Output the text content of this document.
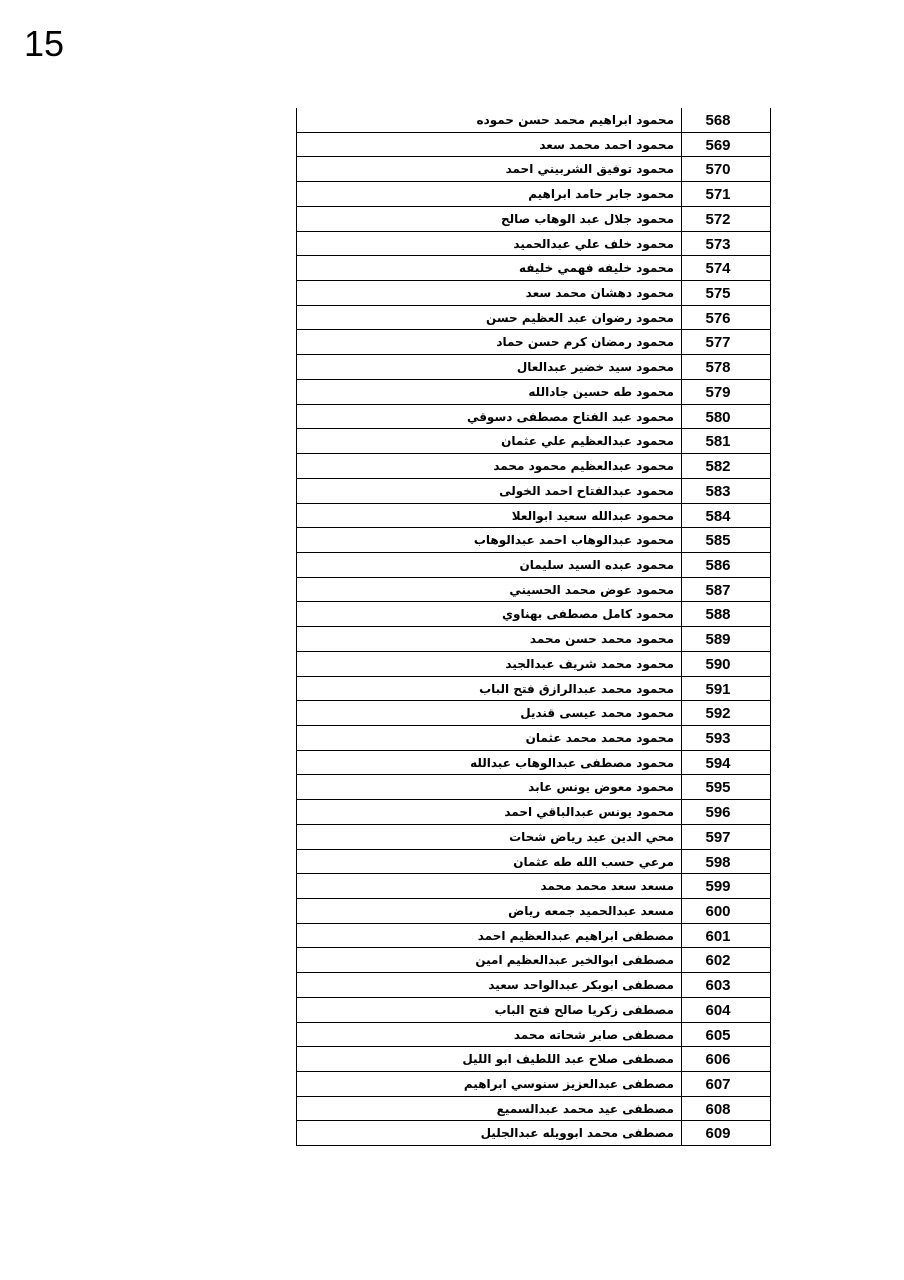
15
محمود ابراهيم محمد حسن حموده	568
محمود احمد محمد سعد	569
محمود توفيق الشربيني احمد	570
محمود جابر حامد ابراهيم	571
محمود جلال عبد الوهاب صالح	572
محمود خلف علي عبدالحميد	573
محمود خليفه فهمي خليفه	574
محمود دهشان محمد سعد	575
محمود رضوان عبد العظيم حسن	576
محمود رمضان كرم حسن حماد	577
محمود سيد خضير عبدالعال	578
محمود طه حسين جادالله	579
محمود عبد الفتاح مصطفى دسوقي	580
محمود عبدالعظيم علي عثمان	581
محمود عبدالعظيم محمود محمد	582
محمود عبدالفتاح احمد الخولى	583
محمود عبدالله سعيد ابوالعلا	584
محمود عبدالوهاب احمد عبدالوهاب	585
محمود عبده السيد سليمان	586
محمود عوض محمد الحسيني	587
محمود كامل مصطفى بهناوي	588
محمود محمد حسن محمد	589
محمود محمد شريف عبدالجيد	590
محمود محمد عبدالرازق فتح الباب	591
محمود محمد عيسى قنديل	592
محمود محمد محمد عثمان	593
محمود مصطفى عبدالوهاب عبدالله	594
محمود معوض يونس عابد	595
محمود يونس عبدالباقي احمد	596
محي الدين عيد رياض شحات	597
مرعي حسب الله طه عثمان	598
مسعد سعد محمد محمد	599
مسعد عبدالحميد جمعه رياض	600
مصطفى ابراهيم عبدالعظيم احمد	601
مصطفى ابوالخير عبدالعظيم امين	602
مصطفى ابوبكر عبدالواحد سعيد	603
مصطفى زكريا صالح فتح الباب	604
مصطفى صابر شحاته محمد	605
مصطفى صلاح عبد اللطيف ابو الليل	606
مصطفى عبدالعزيز سنوسي ابراهيم	607
مصطفى عيد محمد عبدالسميع	608
مصطفى محمد ابوويله عبدالجليل	609
